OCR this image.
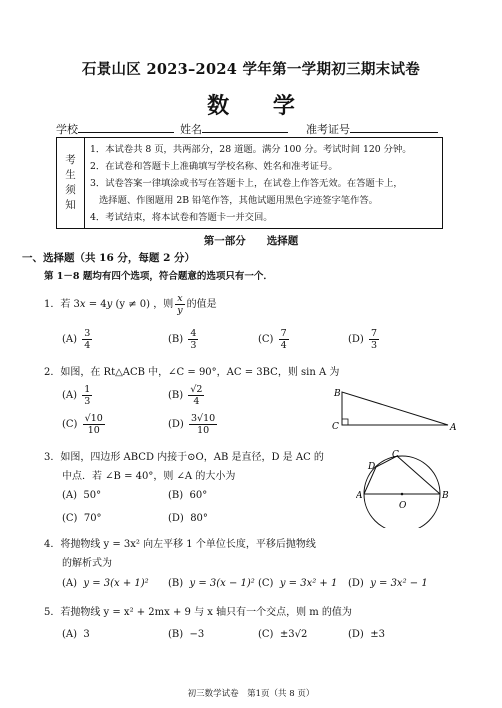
石景山区 2023–2024 学年第一学期初三期末试卷
数 学
学校	姓名	准考证号
考
生
须
知
1．本试卷共 8 页，共两部分，28 道题。满分 100 分。考试时间 120 分钟。
2．在试卷和答题卡上准确填写学校名称、姓名和准考证号。
3．试卷答案一律填涂或书写在答题卡上，在试卷上作答无效。在答题卡上，
选择题、作图题用 2B 铅笔作答，其他试题用黑色字迹签字笔作答。
4．考试结束，将本试卷和答题卡一并交回。
第一部分　　选择题
一、选择题（共 16 分，每题 2 分）
第 1－8 题均有四个选项，符合题意的选项只有一个．
1．若 3x = 4y (y ≠ 0) ，则 $\frac{x}{y}$ 的值是
$(A) \frac{3}{4}$	$(B) \frac{4}{3}$	$(C) \frac{7}{4}$	$(D) \frac{7}{3}$
2．如图，在 Rt△ACB 中，∠C = 90°，AC = 3BC，则 sin A 为
$(A) \frac{1}{3}$	$(B) \frac{√2}{4}$
$(C) \frac{√10}{10}$	$(D) \frac{3√10}{10}$
B
C	A
3．如图，四边形 ABCD 内接于⊙O，AB 是直径，D 是 AC 的
中点．若 ∠B = 40°，则 ∠A 的大小为
(A) 50°	(B) 60°
(C) 70°	(D) 80°
C
D
A	B
O
4．将抛物线 y = 3x² 向左平移 1 个单位长度，平移后抛物线
的解析式为
(A) y = 3(x + 1)² (B) y = 3(x − 1)² (C) y = 3x² + 1 (D) y = 3x² − 1
5．若抛物线 y = x² + 2mx + 9 与 x 轴只有一个交点，则 m 的值为
(A) 3	(B) −3	(C) ±3√2	(D) ±3
初三数学试卷　第1页（共 8 页）
